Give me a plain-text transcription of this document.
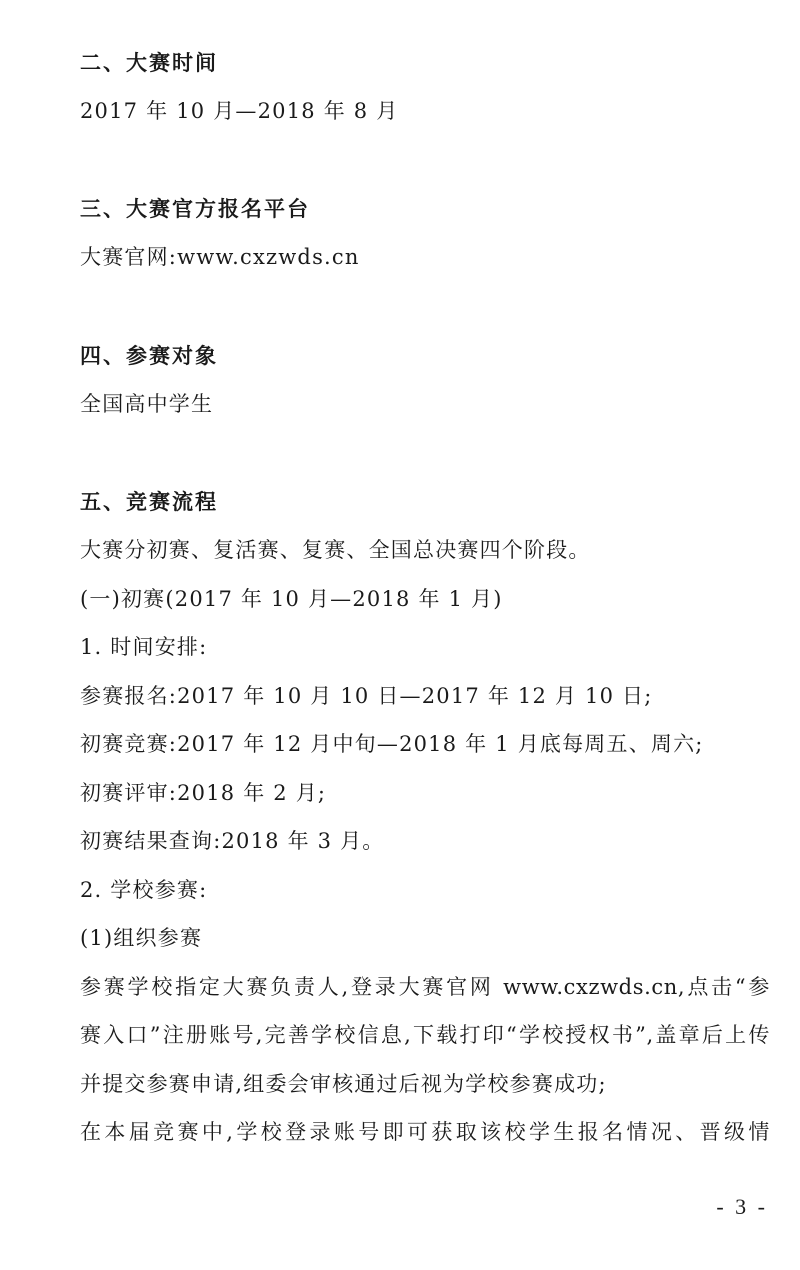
二、大赛时间
2017 年 10 月—2018 年 8 月
三、大赛官方报名平台
大赛官网:www.cxzwds.cn
四、参赛对象
全国高中学生
五、竞赛流程
大赛分初赛、复活赛、复赛、全国总决赛四个阶段。
(一)初赛(2017 年 10 月—2018 年 1 月)
1. 时间安排:
参赛报名:2017 年 10 月 10 日—2017 年 12 月 10 日;
初赛竞赛:2017 年 12 月中旬—2018 年 1 月底每周五、周六;
初赛评审:2018 年 2 月;
初赛结果查询:2018 年 3 月。
2. 学校参赛:
(1)组织参赛
参赛学校指定大赛负责人,登录大赛官网 www.cxzwds.cn,点击“参
赛入口”注册账号,完善学校信息,下载打印“学校授权书”,盖章后上传
并提交参赛申请,组委会审核通过后视为学校参赛成功;
在本届竞赛中,学校登录账号即可获取该校学生报名情况、晋级情
- 3 -
